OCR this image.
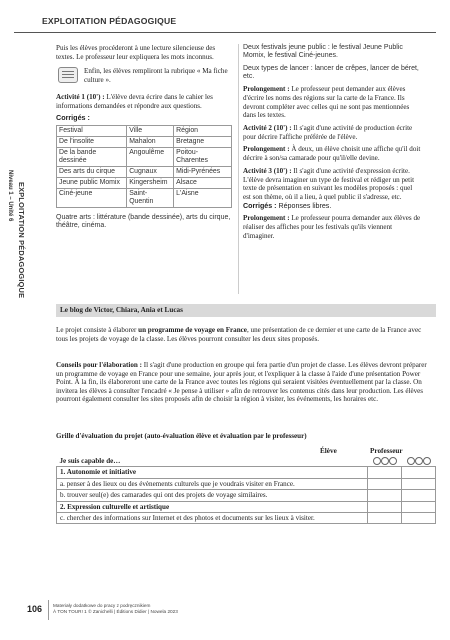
EXPLOITATION PÉDAGOGIQUE
Niveau 1 – Unité 6 EXPLOITATION PÉDAGOGIQUE

Puis les élèves procéderont à une lecture silencieuse des textes. Le professeur leur expliquera les mots inconnus.

Enfin, les élèves rempliront la rubrique « Ma fiche culture ».

Activité 1 (10') : L'élève devra écrire dans le cahier les informations demandées et répondre aux questions.

Corrigés :
Festival	Ville	Région
De l'insolite	Mahalon	Bretagne
De la bande dessinée	Angoulême	Poitou-Charentes
Des arts du cirque	Cugnaux	Midi-Pyrénées
Jeune public Momix	Kingersheim	Alsace
Ciné-jeune	Saint-Quentin	L'Aisne
Quatre arts : littérature (bande dessinée), arts du cirque, théâtre, cinéma.
Deux festivals jeune public : le festival Jeune Public Momix, le festival Ciné-jeunes.
Deux types de lancer : lancer de crêpes, lancer de béret, etc.

Prolongement : Le professeur peut demander aux élèves d'écrire les noms des régions sur la carte de la France. Ils devront compléter avec celles qui ne sont pas mentionnées dans les textes.

Activité 2 (10') : Il s'agit d'une activité de production écrite pour décrire l'affiche préférée de l'élève.

Prolongement : À deux, un élève choisit une affiche qu'il doit décrire à son/sa camarade pour qu'il/elle devine.

Activité 3 (10') : Il s'agit d'une activité d'expression écrite. L'élève devra imaginer un type de festival et rédiger un petit texte de présentation en suivant les modèles proposés : quel est son thème, où il a lieu, à quel public il s'adresse, etc.
Corrigés : Réponses libres.

Prolongement : Le professeur pourra demander aux élèves de réaliser des affiches pour les festivals qu'ils viennent d'imaginer.

Le blog de Victor, Chiara, Ania et Lucas
Le projet consiste à élaborer un programme de voyage en France, une présentation de ce dernier et une carte de la France avec tous les projets de voyage de la classe. Les élèves pourront consulter les deux sites proposés.
Conseils pour l'élaboration : Il s'agit d'une production en groupe qui fera partie d'un projet de classe. Les élèves devront préparer un programme de voyage en France pour une semaine, jour après jour, et l'expliquer à la classe à l'aide d'une présentation Power Point. À la fin, ils élaboreront une carte de la France avec toutes les régions qui seraient visitées éventuellement par la classe. On invitera les élèves à consulter l'encadré « Je pense à utiliser » afin de retrouver les contenus cités dans leur production. Les élèves pourront également consulter les sites proposés afin de choisir la région à visiter, les événements, les horaires etc.
Grille d'évaluation du projet (auto-évaluation élève et évaluation par le professeur)
Élève	Professeur
Je suis capable de…	

1. Autonomie et initiative		
a. penser à des lieux ou des évènements culturels que je voudrais visiter en France.		
b. trouver seul(e) des camarades qui ont des projets de voyage similaires.		
2. Expression culturelle et artistique		
c. chercher des informations sur Internet et des photos et documents sur les lieux à visiter.		
106 Materiały dodatkowe do pracy z podręcznikiem
À TON TOUR! 1 © Zanichelli | Éditions Didier | Nowela 2023
